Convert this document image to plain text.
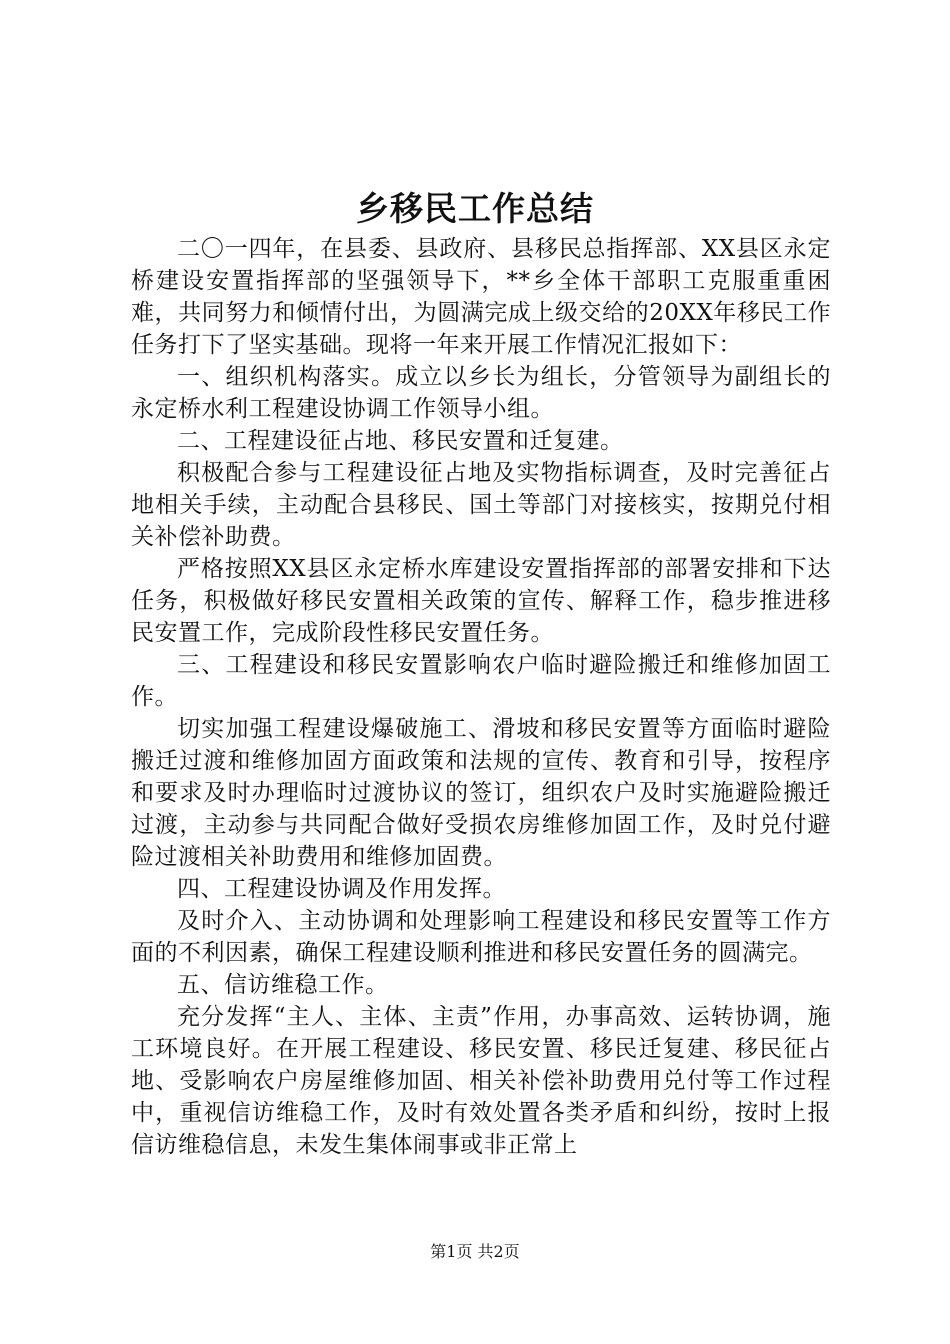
乡移民工作总结

二〇一四年，在县委、县政府、县移民总指挥部、XX县区永定桥建设安置指挥部的坚强领导下，**乡全体干部职工克服重重困难，共同努力和倾情付出，为圆满完成上级交给的20XX年移民工作任务打下了坚实基础。现将一年来开展工作情况汇报如下：

一、组织机构落实。成立以乡长为组长，分管领导为副组长的永定桥水利工程建设协调工作领导小组。

二、工程建设征占地、移民安置和迁复建。

积极配合参与工程建设征占地及实物指标调查，及时完善征占地相关手续，主动配合县移民、国土等部门对接核实，按期兑付相关补偿补助费。

严格按照XX县区永定桥水库建设安置指挥部的部署安排和下达任务，积极做好移民安置相关政策的宣传、解释工作，稳步推进移民安置工作，完成阶段性移民安置任务。

三、工程建设和移民安置影响农户临时避险搬迁和维修加固工作。

切实加强工程建设爆破施工、滑坡和移民安置等方面临时避险搬迁过渡和维修加固方面政策和法规的宣传、教育和引导，按程序和要求及时办理临时过渡协议的签订，组织农户及时实施避险搬迁过渡，主动参与共同配合做好受损农房维修加固工作，及时兑付避险过渡相关补助费用和维修加固费。

四、工程建设协调及作用发挥。

及时介入、主动协调和处理影响工程建设和移民安置等工作方面的不利因素，确保工程建设顺利推进和移民安置任务的圆满完。

五、信访维稳工作。

充分发挥“主人、主体、主责”作用，办事高效、运转协调，施工环境良好。在开展工程建设、移民安置、移民迁复建、移民征占地、受影响农户房屋维修加固、相关补偿补助费用兑付等工作过程中，重视信访维稳工作，及时有效处置各类矛盾和纠纷，按时上报信访维稳信息，未发生集体闹事或非正常上

第1页 共2页
